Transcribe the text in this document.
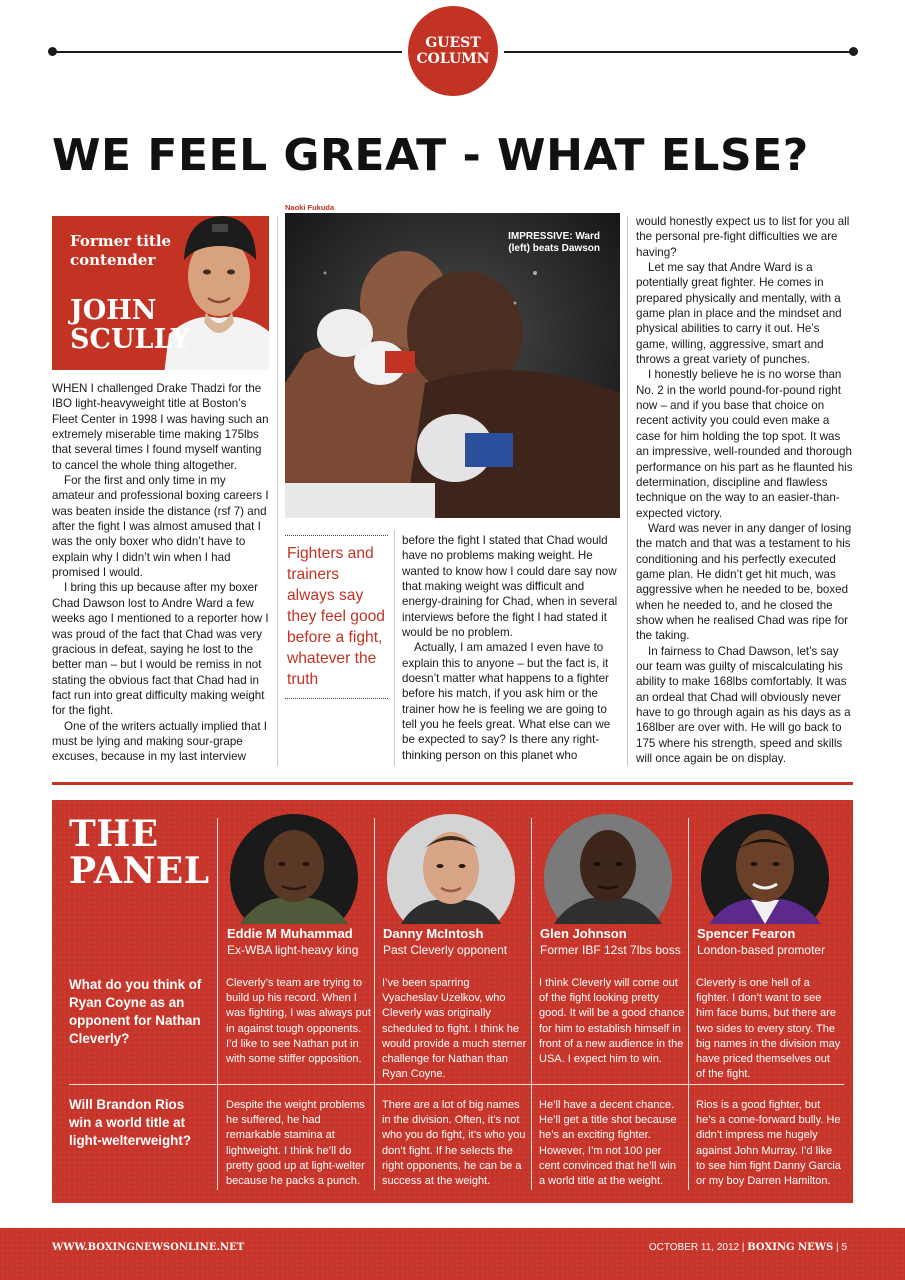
GUEST
COLUMN
WE FEEL GREAT - WHAT ELSE?
Former title contender
JOHN
SCULLY

WHEN I challenged Drake Thadzi for the IBO light-heavyweight title at Boston’s Fleet Center in 1998 I was having such an extremely miserable time making 175lbs that several times I found myself wanting to cancel the whole thing altogether.

For the first and only time in my amateur and professional boxing careers I was beaten inside the distance (rsf 7) and after the fight I was almost amused that I was the only boxer who didn’t have to explain why I didn’t win when I had promised I would.

I bring this up because after my boxer Chad Dawson lost to Andre Ward a few weeks ago I mentioned to a reporter how I was proud of the fact that Chad was very gracious in defeat, saying he lost to the better man – but I would be remiss in not stating the obvious fact that Chad had in fact run into great difficulty making weight for the fight.

One of the writers actually implied that I must be lying and making sour-grape excuses, because in my last interview

Naoki Fukuda
IMPRESSIVE: Ward (left) beats Dawson
Fighters and trainers always say they feel good before a fight, whatever the truth

before the fight I stated that Chad would have no problems making weight. He wanted to know how I could dare say now that making weight was difficult and energy-draining for Chad, when in several interviews before the fight I had stated it would be no problem.

Actually, I am amazed I even have to explain this to anyone – but the fact is, it doesn’t matter what happens to a fighter before his match, if you ask him or the trainer how he is feeling we are going to tell you he feels great. What else can we be expected to say? Is there any right-thinking person on this planet who

would honestly expect us to list for you all the personal pre-fight difficulties we are having?

Let me say that Andre Ward is a potentially great fighter. He comes in prepared physically and mentally, with a game plan in place and the mindset and physical abilities to carry it out. He’s game, willing, aggressive, smart and throws a great variety of punches.

I honestly believe he is no worse than No. 2 in the world pound-for-pound right now – and if you base that choice on recent activity you could even make a case for him holding the top spot. It was an impressive, well-rounded and thorough performance on his part as he flaunted his determination, discipline and flawless technique on the way to an easier-than-expected victory.

Ward was never in any danger of losing the match and that was a testament to his conditioning and his perfectly executed game plan. He didn’t get hit much, was aggressive when he needed to be, boxed when he needed to, and he closed the show when he realised Chad was ripe for the taking.

In fairness to Chad Dawson, let’s say our team was guilty of miscalculating his ability to make 168lbs comfortably. It was an ordeal that Chad will obviously never have to go through again as his days as a 168lber are over with. He will go back to 175 where his strength, speed and skills will once again be on display.

THE
PANEL
Eddie M Muhammad
Ex-WBA light-heavy king
Danny McIntosh
Past Cleverly opponent
Glen Johnson
Former IBF 12st 7lbs boss
Spencer Fearon
London-based promoter
What do you think of Ryan Coyne as an opponent for Nathan Cleverly?
Will Brandon Rios win a world title at light-welterweight?
Cleverly’s team are trying to build up his record. When I was fighting, I was always put in against tough opponents. I’d like to see Nathan put in with some stiffer opposition.
I’ve been sparring Vyacheslav Uzelkov, who Cleverly was originally scheduled to fight. I think he would provide a much sterner challenge for Nathan than Ryan Coyne.
I think Cleverly will come out of the fight looking pretty good. It will be a good chance for him to establish himself in front of a new audience in the USA. I expect him to win.
Cleverly is one hell of a fighter. I don’t want to see him face bums, but there are two sides to every story. The big names in the division may have priced themselves out of the fight.
Despite the weight problems he suffered, he had remarkable stamina at lightweight. I think he’ll do pretty good up at light-welter because he packs a punch.
There are a lot of big names in the division. Often, it’s not who you do fight, it’s who you don’t fight. If he selects the right opponents, he can be a success at the weight.
He’ll have a decent chance. He’ll get a title shot because he’s an exciting fighter. However, I’m not 100 per cent convinced that he’ll win a world title at the weight.
Rios is a good fighter, but he’s a come-forward bully. He didn’t impress me hugely against John Murray. I’d like to see him fight Danny Garcia or my boy Darren Hamilton.
WWW.BOXINGNEWSONLINE.NET	OCTOBER 11, 2012 | BOXING NEWS | 5
